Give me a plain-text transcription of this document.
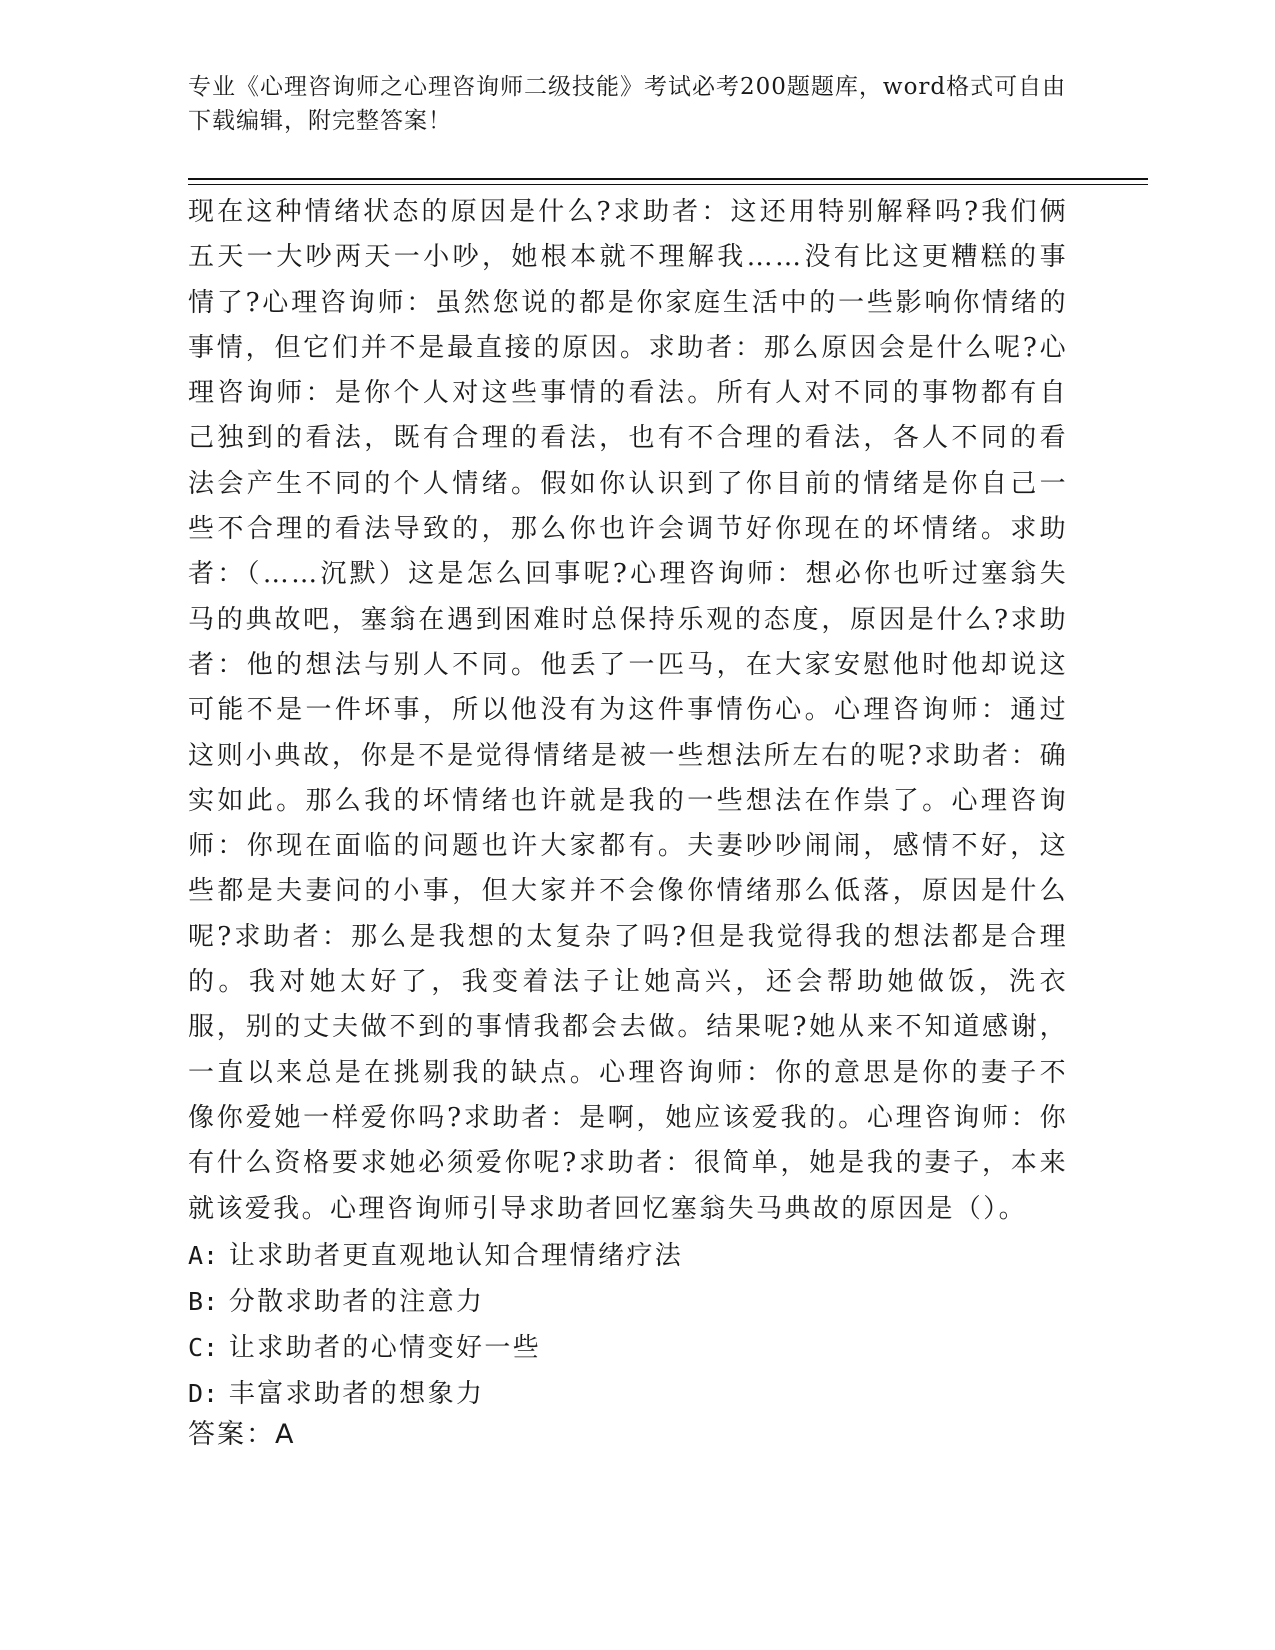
专业《心理咨询师之心理咨询师二级技能》考试必考200题题库，word格式可自由下载编辑，附完整答案！
现在这种情绪状态的原因是什么?求助者：这还用特别解释吗?我们俩五天一大吵两天一小吵，她根本就不理解我……没有比这更糟糕的事情了?心理咨询师：虽然您说的都是你家庭生活中的一些影响你情绪的事情，但它们并不是最直接的原因。求助者：那么原因会是什么呢?心理咨询师：是你个人对这些事情的看法。所有人对不同的事物都有自己独到的看法，既有合理的看法，也有不合理的看法，各人不同的看法会产生不同的个人情绪。假如你认识到了你目前的情绪是你自己一些不合理的看法导致的，那么你也许会调节好你现在的坏情绪。求助者：（……沉默）这是怎么回事呢?心理咨询师：想必你也听过塞翁失马的典故吧，塞翁在遇到困难时总保持乐观的态度，原因是什么?求助者：他的想法与别人不同。他丢了一匹马，在大家安慰他时他却说这可能不是一件坏事，所以他没有为这件事情伤心。心理咨询师：通过这则小典故，你是不是觉得情绪是被一些想法所左右的呢?求助者：确实如此。那么我的坏情绪也许就是我的一些想法在作祟了。心理咨询师：你现在面临的问题也许大家都有。夫妻吵吵闹闹，感情不好，这些都是夫妻问的小事，但大家并不会像你情绪那么低落，原因是什么呢?求助者：那么是我想的太复杂了吗?但是我觉得我的想法都是合理的。我对她太好了，我变着法子让她高兴，还会帮助她做饭，洗衣服，别的丈夫做不到的事情我都会去做。结果呢?她从来不知道感谢，一直以来总是在挑剔我的缺点。心理咨询师：你的意思是你的妻子不像你爱她一样爱你吗?求助者：是啊，她应该爱我的。心理咨询师：你有什么资格要求她必须爱你呢?求助者：很简单，她是我的妻子，本来就该爱我。心理咨询师引导求助者回忆塞翁失马典故的原因是（）。
A: 让求助者更直观地认知合理情绪疗法
B: 分散求助者的注意力
C: 让求助者的心情变好一些
D: 丰富求助者的想象力
答案：A
